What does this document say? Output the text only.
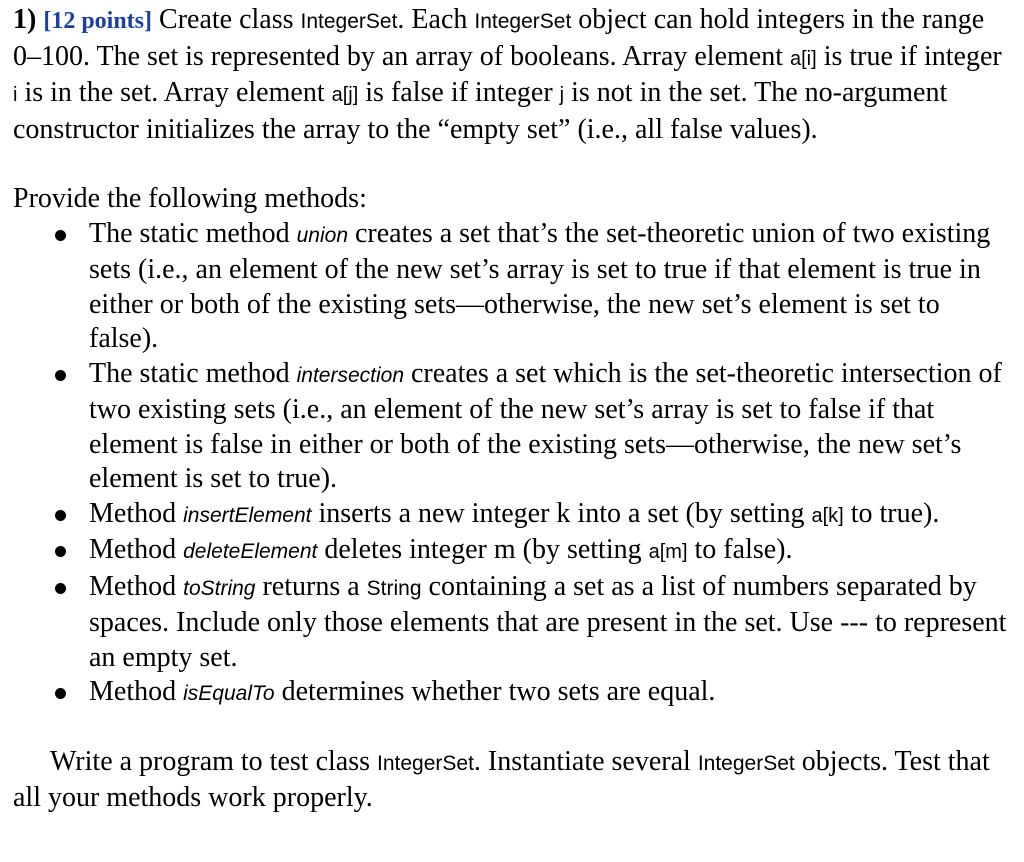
1) [12 points] Create class IntegerSet. Each IntegerSet object can hold integers in the range 0–100. The set is represented by an array of booleans. Array element a[i] is true if integer i is in the set. Array element a[j] is false if integer j is not in the set. The no-argument constructor initializes the array to the “empty set” (i.e., all false values).

Provide the following methods:

The static method union creates a set that’s the set-theoretic union of two existing sets (i.e., an element of the new set’s array is set to true if that element is true in either or both of the existing sets—otherwise, the new set’s element is set to false).
The static method intersection creates a set which is the set-theoretic intersection of two existing sets (i.e., an element of the new set’s array is set to false if that element is false in either or both of the existing sets—otherwise, the new set’s element is set to true).
Method insertElement inserts a new integer k into a set (by setting a[k] to true).
Method deleteElement deletes integer m (by setting a[m] to false).
Method toString returns a String containing a set as a list of numbers separated by spaces. Include only those elements that are present in the set. Use --- to represent an empty set.
Method isEqualTo determines whether two sets are equal.

Write a program to test class IntegerSet. Instantiate several IntegerSet objects. Test that all your methods work properly.
